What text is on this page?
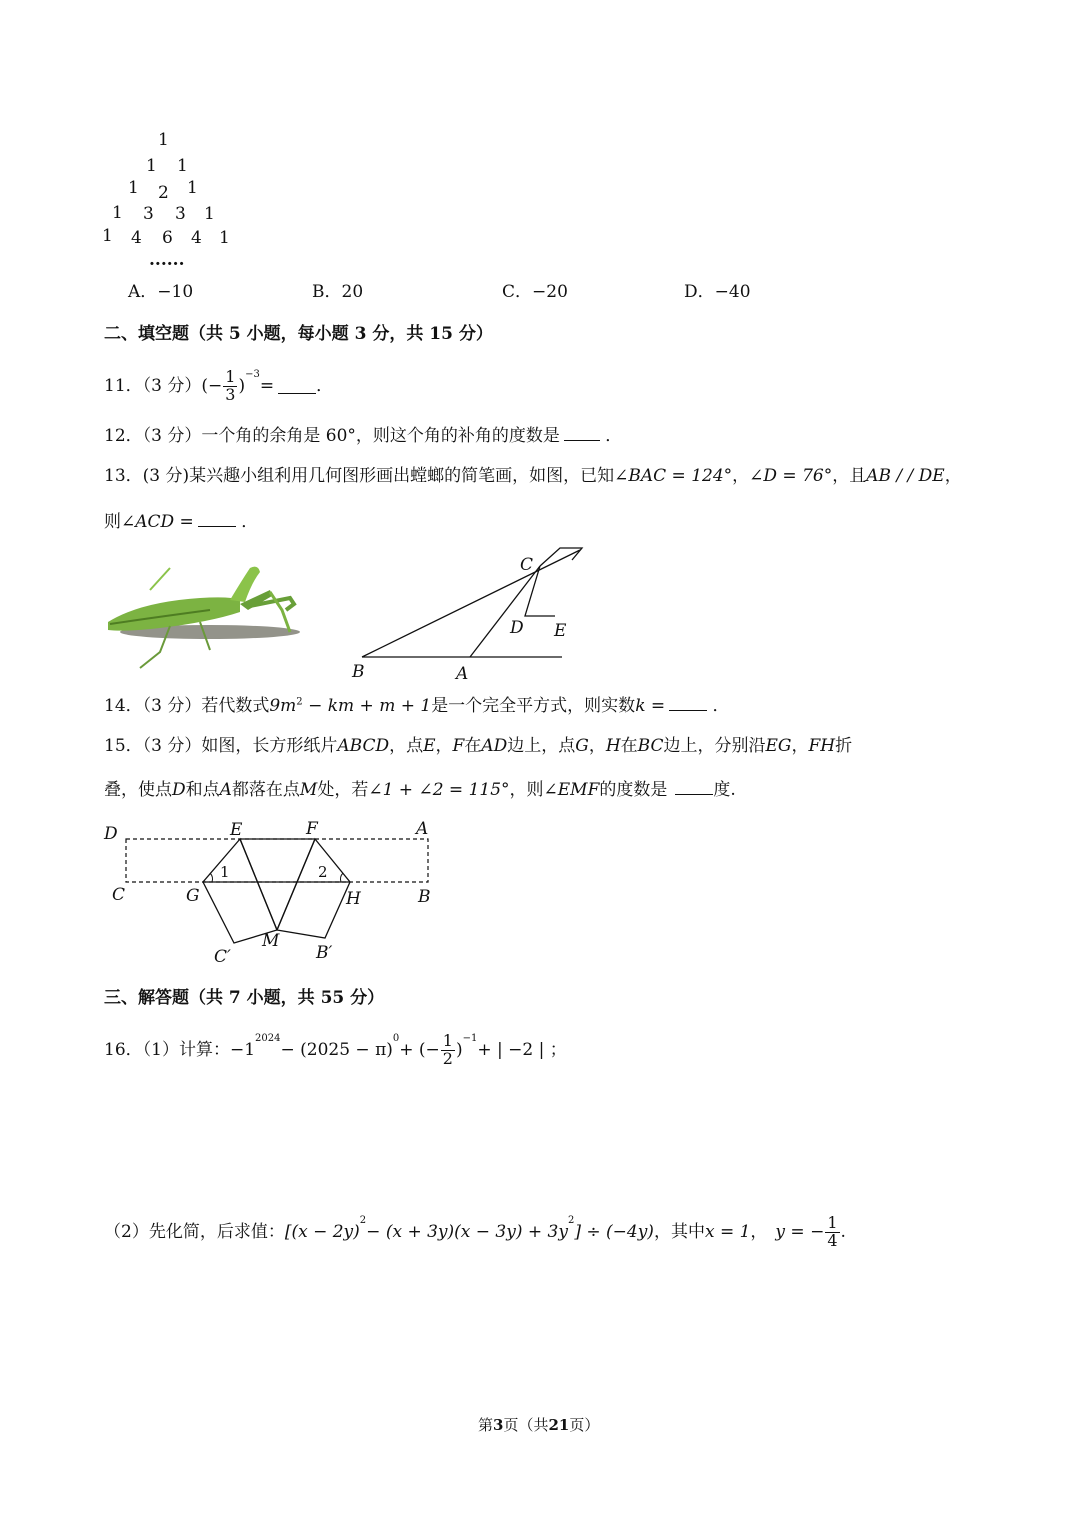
1
1 1
1 2 1
1 3 3 1
1 4 6 4 1
......
A．−10	B．20	C．−20	D．−40
二、填空题（共 5 小题，每小题 3 分，共 15 分）
11．（3 分） (− $\frac{1}{3}$ )
$^{-3}$
= ．
12．（3 分）一个角的余角是 60°，则这个角的补角的度数是 ．
13．(3 分)某兴趣小组利用几何图形画出螳螂的简笔画，如图，已知∠BAC = 124°，∠D = 76°，且AB / / DE，
则∠ACD = ．
C
D E
B	A
14．（3 分）若代数式$9m^2$ − km + m + 1是一个完全平方式，则实数k = ．
15．（3 分）如图，长方形纸片ABCD，点E，F在AD边上，点G，H在BC边上，分别沿EG，FH折
叠，使点D和点A都落在点M处，若∠1 + ∠2 = 115°，则∠EMF的度数是	度.
D	E	F	A
C	G	H	B
M
C′	B′
1	2
三、解答题（共 7 小题，共 55 分）
16．（1）计算： −1
$^{2024}$
− (2025 − π)
$^0$
+ (− $\frac{1}{2}$ )
$^{-1}$
+ | −2 | ；
（2）先化简，后求值： [(x − 2y)
$^2$
− (x + 3y)(x − 3y) + 3y
$^2$
] ÷ (−4y) ，其中 x = 1 ， y = − $\frac{1}{4}$ .
第3页（共21页）
